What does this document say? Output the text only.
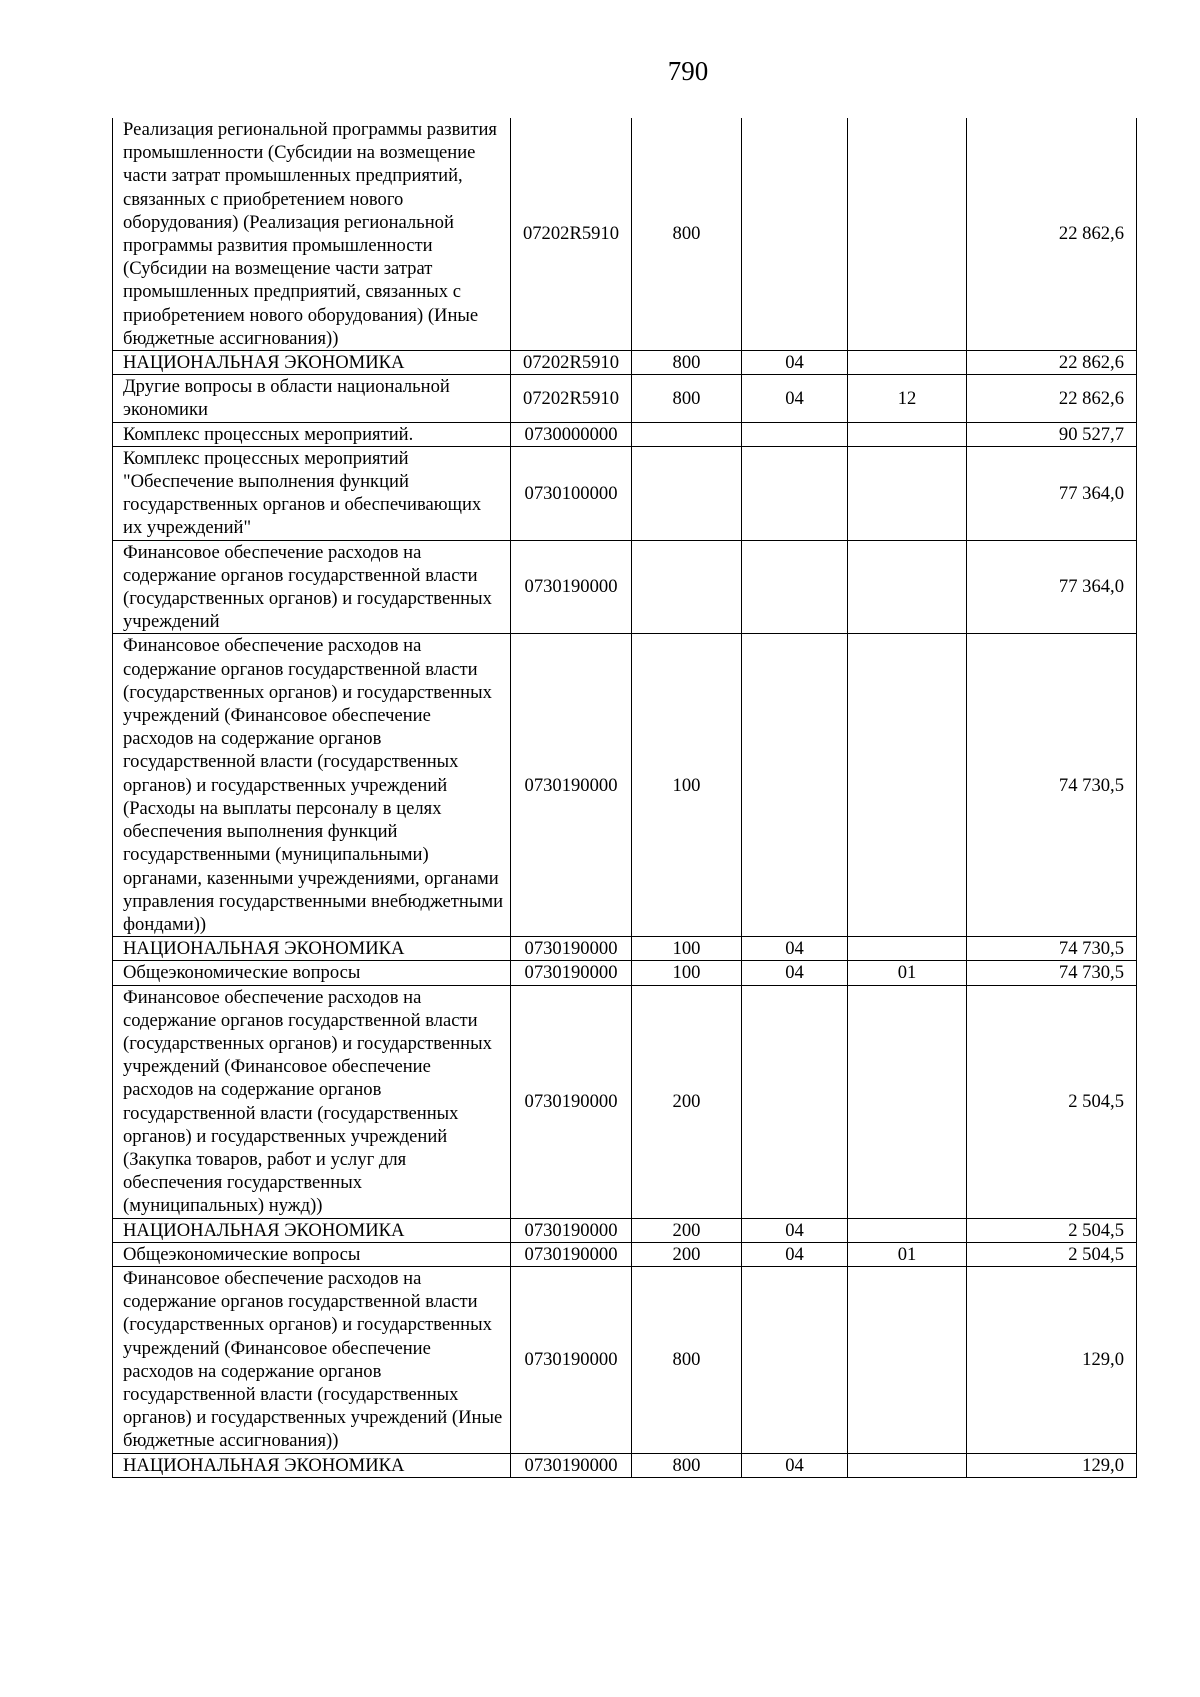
790
Реализация региональной программы развития промышленности (Субсидии на возмещение части затрат промышленных предприятий, связанных с приобретением нового оборудования) (Реализация региональной программы развития промышленности (Субсидии на возмещение части затрат промышленных предприятий, связанных с приобретением нового оборудования) (Иные бюджетные ассигнования))	07202R5910	800			22 862,6
НАЦИОНАЛЬНАЯ ЭКОНОМИКА	07202R5910	800	04		22 862,6
Другие вопросы в области национальной экономики	07202R5910	800	04	12	22 862,6
Комплекс процессных мероприятий.	0730000000				90 527,7
Комплекс процессных мероприятий "Обеспечение выполнения функций государственных органов и обеспечивающих их учреждений"	0730100000				77 364,0
Финансовое обеспечение расходов на содержание органов государственной власти (государственных органов) и государственных учреждений	0730190000				77 364,0
Финансовое обеспечение расходов на содержание органов государственной власти (государственных органов) и государственных учреждений (Финансовое обеспечение расходов на содержание органов государственной власти (государственных органов) и государственных учреждений (Расходы на выплаты персоналу в целях обеспечения выполнения функций государственными (муниципальными) органами, казенными учреждениями, органами управления государственными внебюджетными фондами))	0730190000	100			74 730,5
НАЦИОНАЛЬНАЯ ЭКОНОМИКА	0730190000	100	04		74 730,5
Общеэкономические вопросы	0730190000	100	04	01	74 730,5
Финансовое обеспечение расходов на содержание органов государственной власти (государственных органов) и государственных учреждений (Финансовое обеспечение расходов на содержание органов государственной власти (государственных органов) и государственных учреждений (Закупка товаров, работ и услуг для обеспечения государственных (муниципальных) нужд))	0730190000	200			2 504,5
НАЦИОНАЛЬНАЯ ЭКОНОМИКА	0730190000	200	04		2 504,5
Общеэкономические вопросы	0730190000	200	04	01	2 504,5
Финансовое обеспечение расходов на содержание органов государственной власти (государственных органов) и государственных учреждений (Финансовое обеспечение расходов на содержание органов государственной власти (государственных органов) и государственных учреждений (Иные бюджетные ассигнования))	0730190000	800			129,0
НАЦИОНАЛЬНАЯ ЭКОНОМИКА	0730190000	800	04		129,0
